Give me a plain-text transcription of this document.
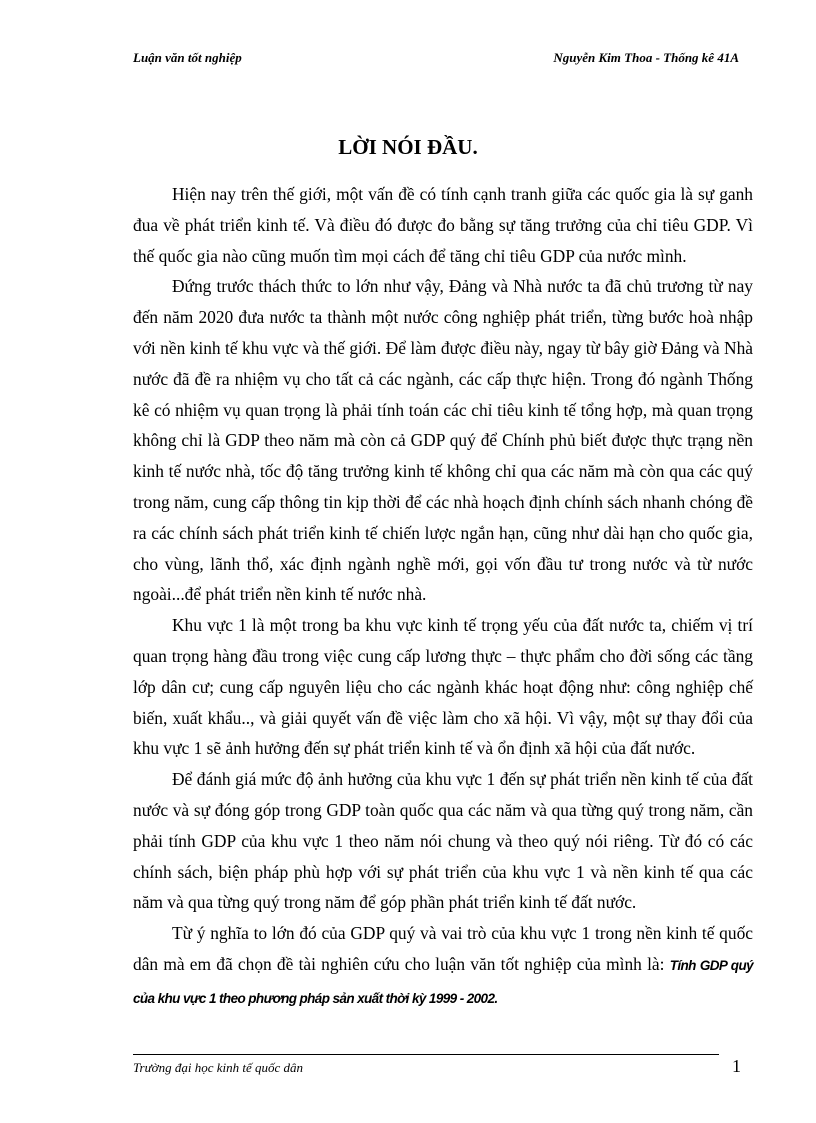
Luận văn tốt nghiệp	Nguyễn Kim Thoa - Thống kê 41A
LỜI NÓI ĐẦU.

Hiện nay trên thế giới, một vấn đề có tính cạnh tranh giữa các quốc gia là sự ganh đua về phát triển kinh tế. Và điều đó được đo bằng sự tăng trưởng của chỉ tiêu GDP. Vì thế quốc gia nào cũng muốn tìm mọi cách để tăng chỉ tiêu GDP của nước mình.

Đứng trước thách thức to lớn như vậy, Đảng và Nhà nước ta đã chủ trương từ nay đến năm 2020 đưa nước ta thành một nước công nghiệp phát triển, từng bước hoà nhập với nền kinh tế khu vực và thế giới. Để làm được điều này, ngay từ bây giờ Đảng và Nhà nước đã đề ra nhiệm vụ cho tất cả các ngành, các cấp thực hiện. Trong đó ngành Thống kê có nhiệm vụ quan trọng là phải tính toán các chỉ tiêu kinh tế tổng hợp, mà quan trọng không chỉ là GDP theo năm mà còn cả GDP quý để Chính phủ biết được thực trạng nền kinh tế nước nhà, tốc độ tăng trưởng kinh tế không chỉ qua các năm mà còn qua các quý trong năm, cung cấp thông tin kịp thời để các nhà hoạch định chính sách nhanh chóng đề ra các chính sách phát triển kinh tế chiến lược ngắn hạn, cũng như dài hạn cho quốc gia, cho vùng, lãnh thổ, xác định ngành nghề mới, gọi vốn đầu tư trong nước và từ nước ngoài...để phát triển nền kinh tế nước nhà.

Khu vực 1 là một trong ba khu vực kinh tế trọng yếu của đất nước ta, chiếm vị trí quan trọng hàng đầu trong việc cung cấp lương thực – thực phẩm cho đời sống các tầng lớp dân cư; cung cấp nguyên liệu cho các ngành khác hoạt động như: công nghiệp chế biến, xuất khẩu.., và giải quyết vấn đề việc làm cho xã hội. Vì vậy, một sự thay đổi của khu vực 1 sẽ ảnh hưởng đến sự phát triển kinh tế và ổn định xã hội của đất nước.

Để đánh giá mức độ ảnh hưởng của khu vực 1 đến sự phát triển nền kinh tế của đất nước và sự đóng góp trong GDP toàn quốc qua các năm và qua từng quý trong năm, cần phải tính GDP của khu vực 1 theo năm nói chung và theo quý nói riêng. Từ đó có các chính sách, biện pháp phù hợp với sự phát triển của khu vực 1 và nền kinh tế qua các năm và qua từng quý trong năm để góp phần phát triển kinh tế đất nước.

Từ ý nghĩa to lớn đó của GDP quý và vai trò của khu vực 1 trong nền kinh tế quốc dân mà em đã chọn đề tài nghiên cứu cho luận văn tốt nghiệp của mình là: Tính GDP quý của khu vực 1 theo phương pháp sản xuất thời kỳ 1999 - 2002.

Trường đại học kinh tế quốc dân	1
